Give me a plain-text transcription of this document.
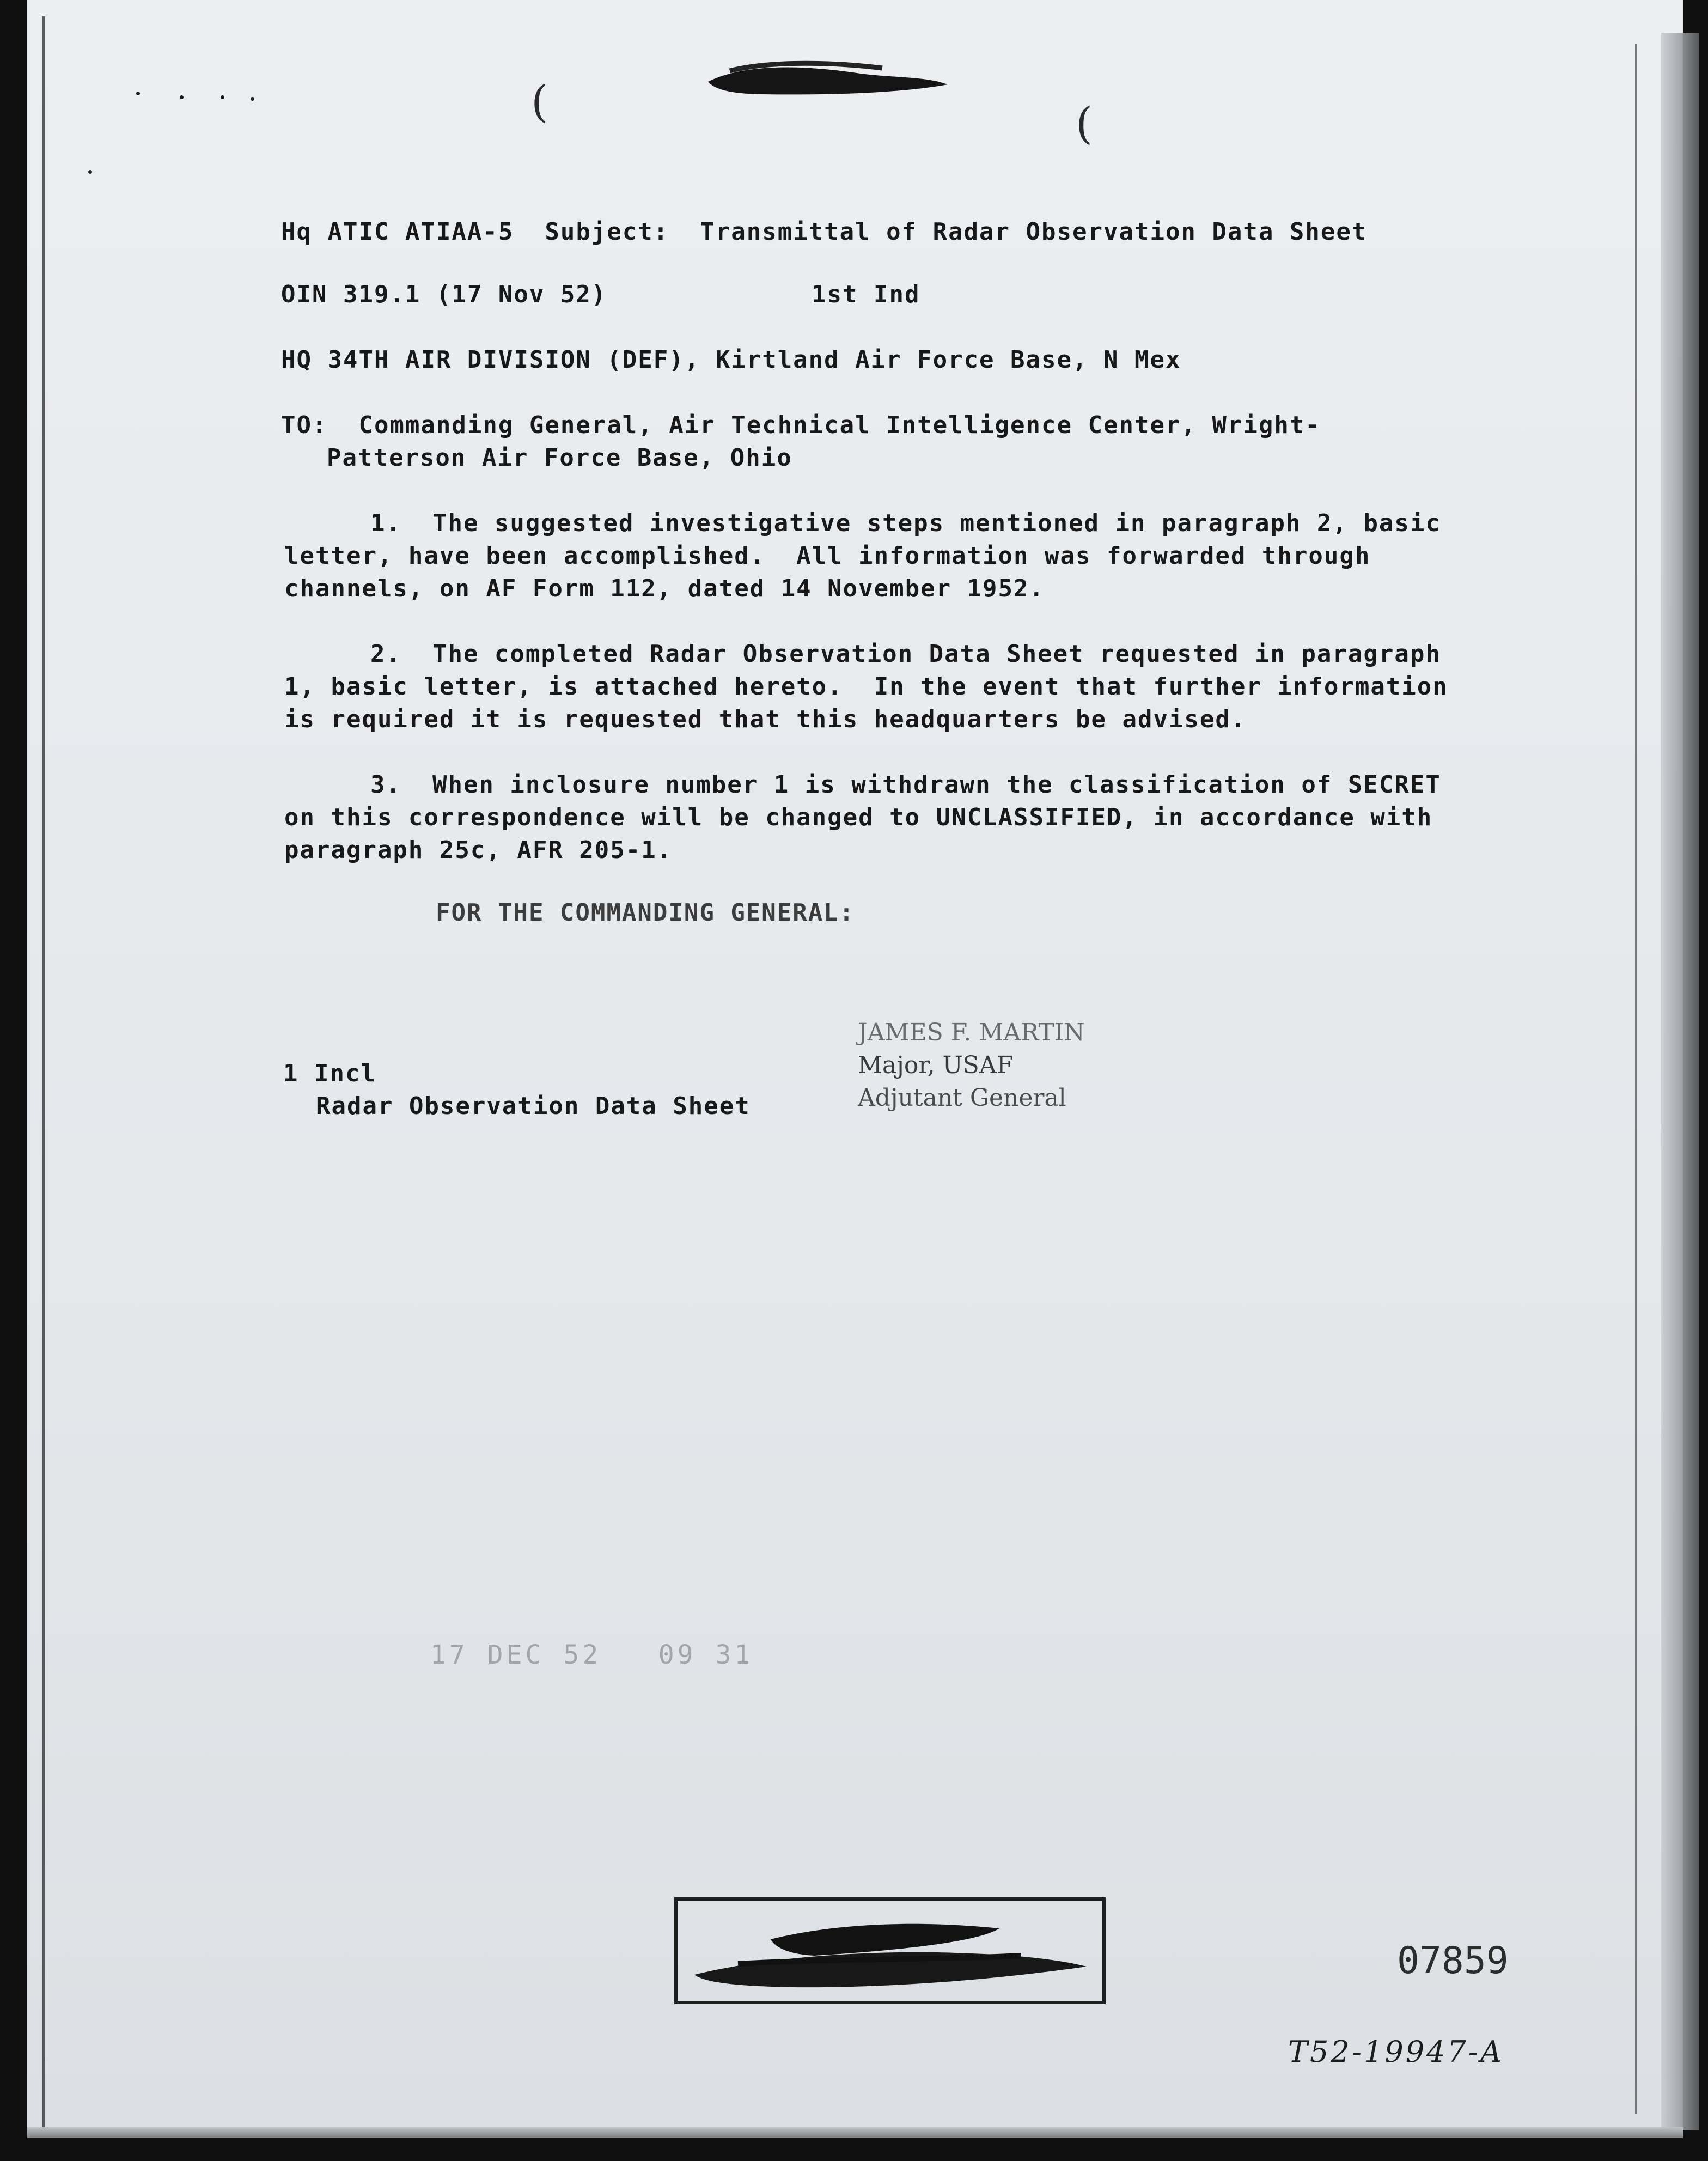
(	(
Hq ATIC ATIAA-5  Subject:  Transmittal of Radar Observation Data Sheet
OIN 319.1 (17 Nov 52)	1st Ind
HQ 34TH AIR DIVISION (DEF), Kirtland Air Force Base, N Mex
TO:  Commanding General, Air Technical Intelligence Center, Wright-
Patterson Air Force Base, Ohio
1.  The suggested investigative steps mentioned in paragraph 2, basic
letter, have been accomplished.  All information was forwarded through
channels, on AF Form 112, dated 14 November 1952.
2.  The completed Radar Observation Data Sheet requested in paragraph
1, basic letter, is attached hereto.  In the event that further information
is required it is requested that this headquarters be advised.
3.  When inclosure number 1 is withdrawn the classification of SECRET
on this correspondence will be changed to UNCLASSIFIED, in accordance with
paragraph 25c, AFR 205-1.
FOR THE COMMANDING GENERAL:
JAMES F. MARTIN
Major, USAF
Adjutant General
1 Incl
Radar Observation Data Sheet
17 DEC 52   09 31
07859
T52-19947-A
